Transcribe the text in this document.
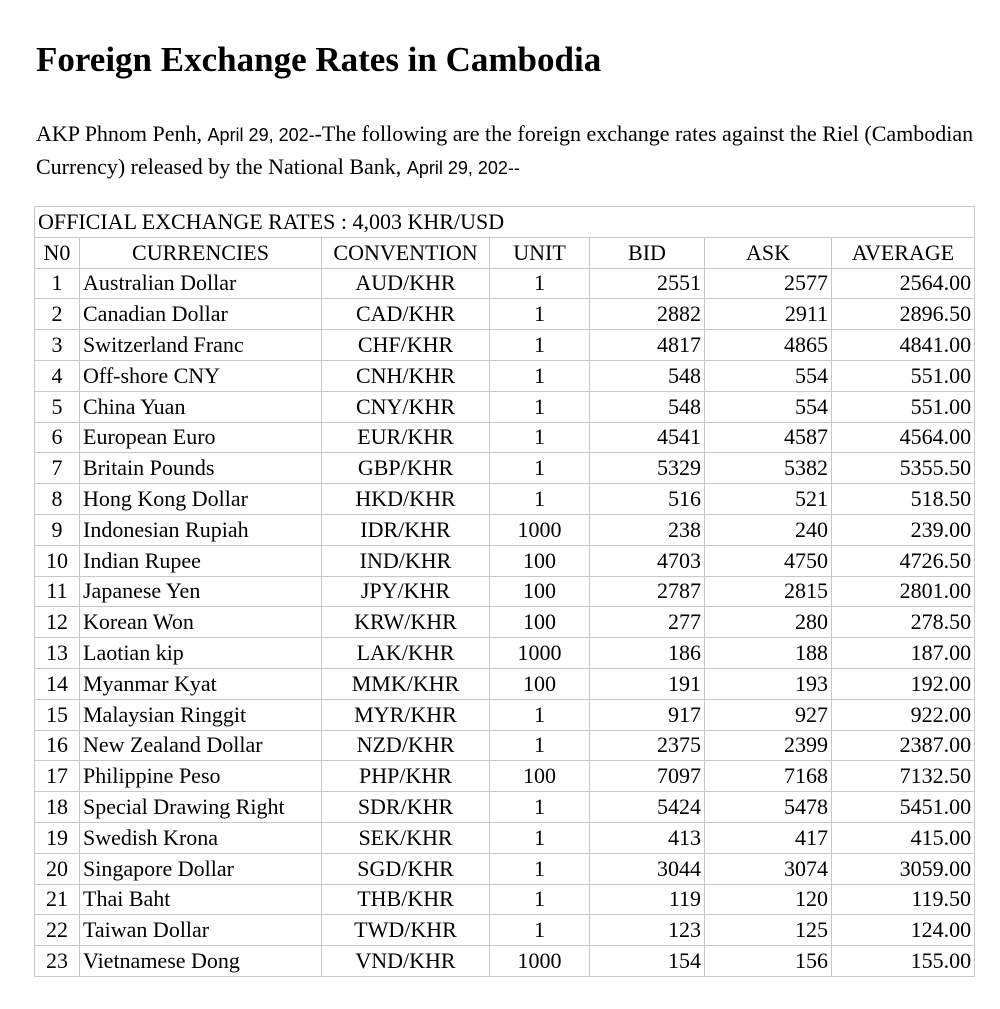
Foreign Exchange Rates in Cambodia

AKP Phnom Penh, April 29, 202--The following are the foreign exchange rates against the Riel (Cambodian Currency) released by the National Bank, April 29, 202--

OFFICIAL EXCHANGE RATES : 4,003 KHR/USD						
N0	CURRENCIES	CONVENTION	UNIT	BID	ASK	AVERAGE
1	Australian Dollar	AUD/KHR	1	2551	2577	2564.00
2	Canadian Dollar	CAD/KHR	1	2882	2911	2896.50
3	Switzerland Franc	CHF/KHR	1	4817	4865	4841.00
4	Off-shore CNY	CNH/KHR	1	548	554	551.00
5	China Yuan	CNY/KHR	1	548	554	551.00
6	European Euro	EUR/KHR	1	4541	4587	4564.00
7	Britain Pounds	GBP/KHR	1	5329	5382	5355.50
8	Hong Kong Dollar	HKD/KHR	1	516	521	518.50
9	Indonesian Rupiah	IDR/KHR	1000	238	240	239.00
10	Indian Rupee	IND/KHR	100	4703	4750	4726.50
11	Japanese Yen	JPY/KHR	100	2787	2815	2801.00
12	Korean Won	KRW/KHR	100	277	280	278.50
13	Laotian kip	LAK/KHR	1000	186	188	187.00
14	Myanmar Kyat	MMK/KHR	100	191	193	192.00
15	Malaysian Ringgit	MYR/KHR	1	917	927	922.00
16	New Zealand Dollar	NZD/KHR	1	2375	2399	2387.00
17	Philippine Peso	PHP/KHR	100	7097	7168	7132.50
18	Special Drawing Right	SDR/KHR	1	5424	5478	5451.00
19	Swedish Krona	SEK/KHR	1	413	417	415.00
20	Singapore Dollar	SGD/KHR	1	3044	3074	3059.00
21	Thai Baht	THB/KHR	1	119	120	119.50
22	Taiwan Dollar	TWD/KHR	1	123	125	124.00
23	Vietnamese Dong	VND/KHR	1000	154	156	155.00
